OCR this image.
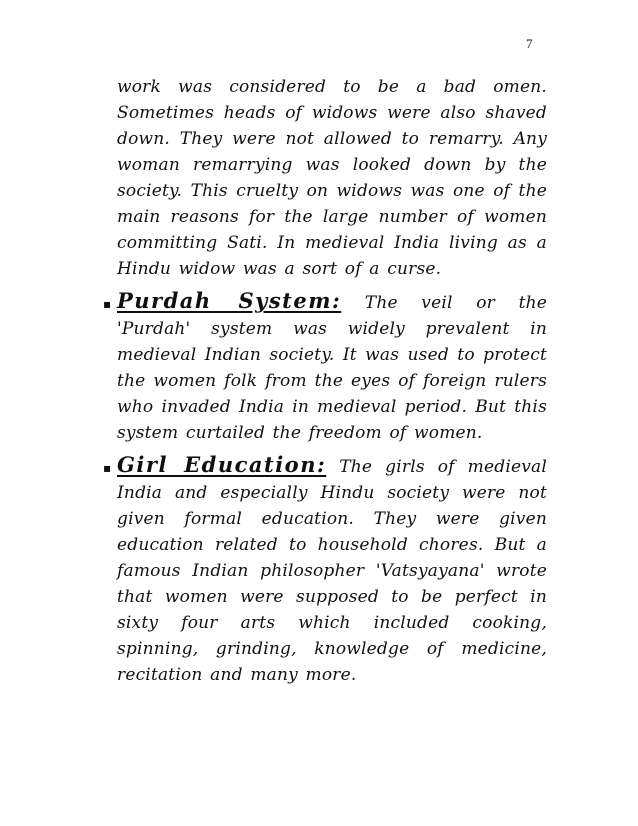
7

work was considered to be a bad omen. Sometimes heads of widows were also shaved down. They were not allowed to remarry. Any woman remarrying was looked down by the society. This cruelty on widows was one of the main reasons for the large number of women committing Sati. In medieval India living as a Hindu widow was a sort of a curse.

▪ Purdah System: The veil or the 'Purdah' system was widely prevalent in medieval Indian society. It was used to protect the women folk from the eyes of foreign rulers who invaded India in medieval period. But this system curtailed the freedom of women.

▪ Girl Education: The girls of medieval India and especially Hindu society were not given formal education. They were given education related to household chores. But a famous Indian philosopher 'Vatsyayana' wrote that women were supposed to be perfect in sixty four arts which included cooking, spinning, grinding, knowledge of medicine, recitation and many more.
